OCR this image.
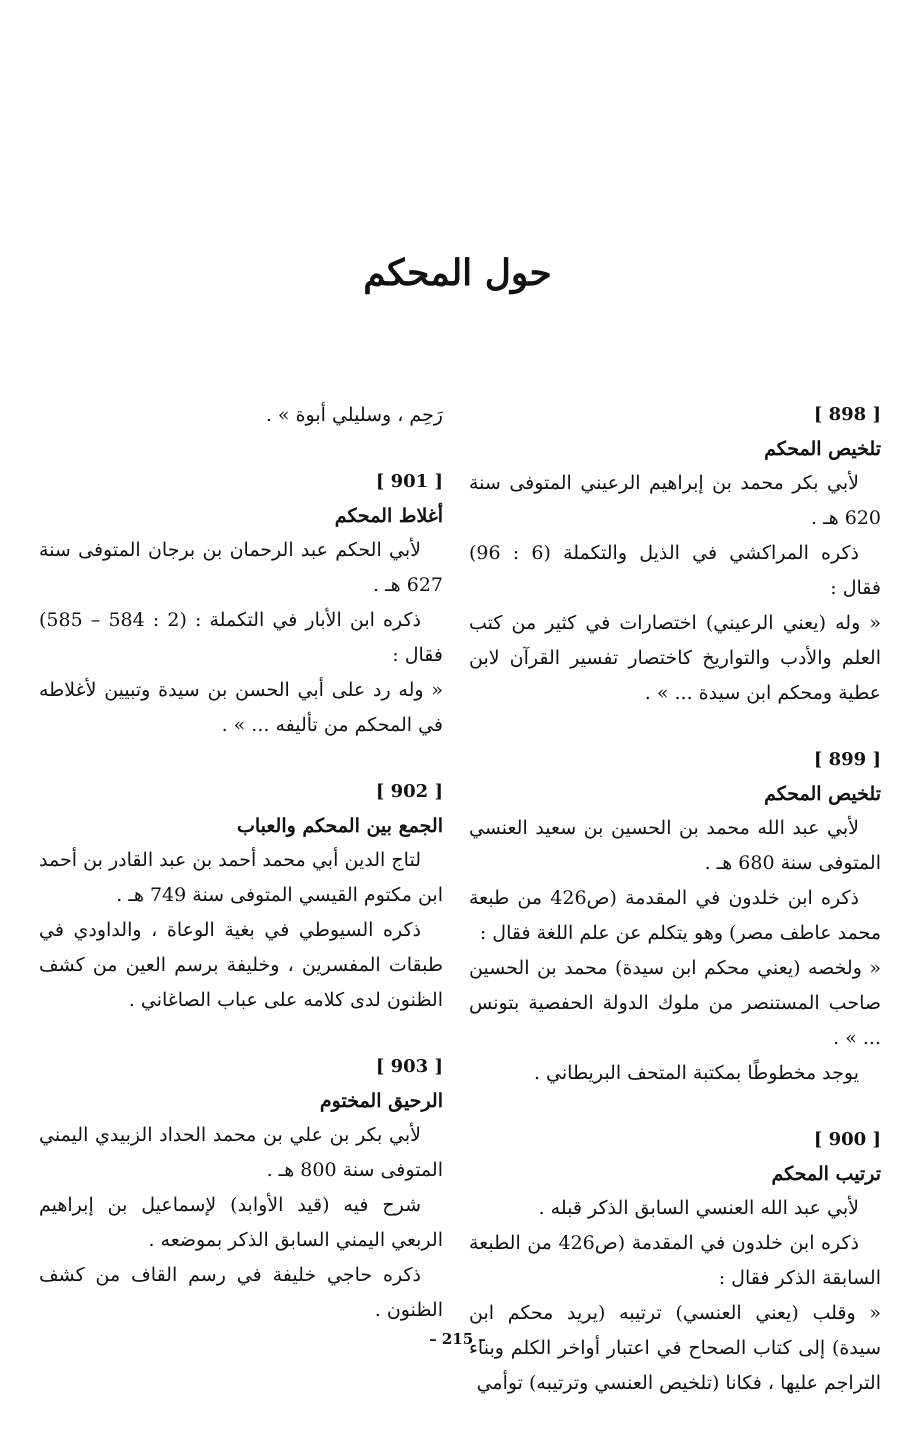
حول المحكم
[ 898 ]
تلخيص المحكم

لأبي بكر محمد بن إبراهيم الرعيني المتوفى سنة 620 هـ .

ذكره المراكشي في الذيل والتكملة (6 : 96) فقال :

« وله (يعني الرعيني) اختصارات في كثير من كتب العلم والأدب والتواريخ كاختصار تفسير القرآن لابن عطية ومحكم ابن سيدة ... » .

[ 899 ]
تلخيص المحكم

لأبي عبد الله محمد بن الحسين بن سعيد العنسي المتوفى سنة 680 هـ .

ذكره ابن خلدون في المقدمة (ص426 من طبعة محمد عاطف مصر) وهو يتكلم عن علم اللغة فقال :

« ولخصه (يعني محكم ابن سيدة) محمد بن الحسين صاحب المستنصر من ملوك الدولة الحفصية بتونس ... » .

يوجد مخطوطًا بمكتبة المتحف البريطاني .

[ 900 ]
ترتيب المحكم

لأبي عبد الله العنسي السابق الذكر قبله .

ذكره ابن خلدون في المقدمة (ص426 من الطبعة السابقة الذكر فقال :

« وقلب (يعني العنسي) ترتيبه (يريد محكم ابن سيدة) إلى كتاب الصحاح في اعتبار أواخر الكلم وبناء التراجم عليها ، فكانا (تلخيص العنسي وترتيبه) توأمي

رَحِم ، وسليلي أبوة » .

[ 901 ]
أغلاط المحكم

لأبي الحكم عبد الرحمان بن برجان المتوفى سنة 627 هـ .

ذكره ابن الأبار في التكملة : (2 : 584 – 585) فقال :

« وله رد على أبي الحسن بن سيدة وتبيين لأغلاطه في المحكم من تأليفه ... » .

[ 902 ]
الجمع بين المحكم والعباب

لتاج الدين أبي محمد أحمد بن عبد القادر بن أحمد ابن مكتوم القيسي المتوفى سنة 749 هـ .

ذكره السيوطي في بغية الوعاة ، والداودي في طبقات المفسرين ، وخليفة برسم العين من كشف الظنون لدى كلامه على عباب الصاغاني .

[ 903 ]
الرحيق المختوم

لأبي بكر بن علي بن محمد الحداد الزبيدي اليمني المتوفى سنة 800 هـ .

شرح فيه (قيد الأوابد) لإسماعيل بن إبراهيم الربعي اليمني السابق الذكر بموضعه .

ذكره حاجي خليفة في رسم القاف من كشف الظنون .

– 215 –
